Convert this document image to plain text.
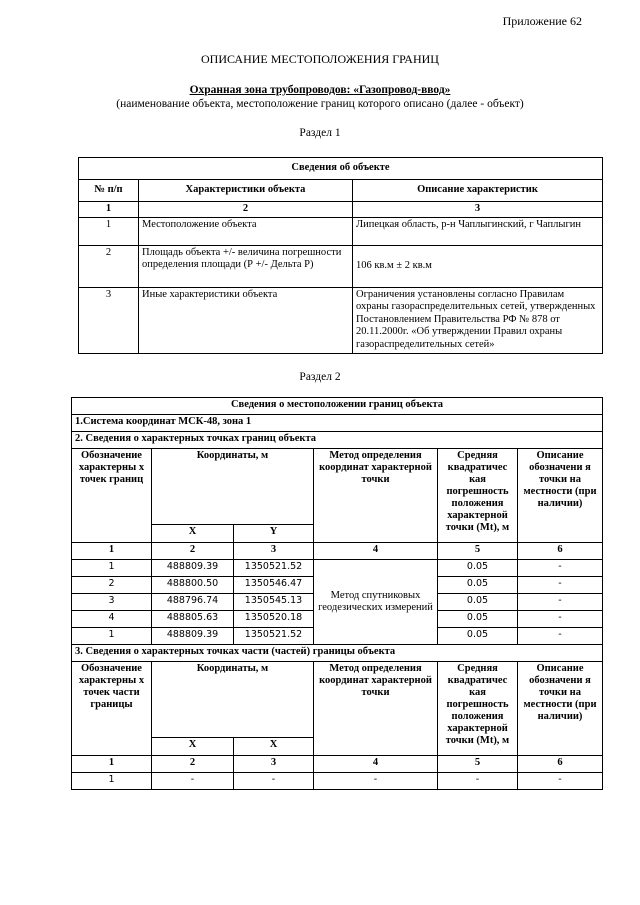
Приложение 62
ОПИСАНИЕ МЕСТОПОЛОЖЕНИЯ ГРАНИЦ
Охранная зона трубопроводов: «Газопровод-ввод»
(наименование объекта, местоположение границ которого описано (далее - объект)
Раздел 1
Сведения об объекте		
№ п/п	Характеристики объекта	Описание характеристик
1	2	3
1	Местоположение объекта	Липецкая область, р-н Чаплыгинский, г Чаплыгин
2	Площадь объекта +/- величина погрешности определения площади (Р +/- Дельта Р)	106 кв.м ± 2 кв.м
3	Иные характеристики объекта	Ограничения установлены согласно Правилам охраны газораспределительных сетей, утвержденных Постановлением Правительства РФ № 878 от 20.11.2000г. «Об утверждении Правил охраны газораспределительных сетей»
Раздел 2
Сведения о местоположении границ объекта					
1.Система координат МСК-48, зона 1					
2. Сведения о характерных точках границ объекта					
Обозначение характерны х точек границ	Координаты, м		Метод определения координат характерной точки	Средняя квадратичес кая погрешность положения характерной точки (Mt), м	Описание обозначени я точки на местности (при наличии)
	X	Y			
1	2	3	4	5	6
1	488809.39	1350521.52	Метод спутниковых геодезических измерений	0.05	-
2	488800.50	1350546.47		0.05	-
3	488796.74	1350545.13		0.05	-
4	488805.63	1350520.18		0.05	-
1	488809.39	1350521.52		0.05	-
3. Сведения о характерных точках части (частей) границы объекта					
Обозначение характерны х точек части границы	Координаты, м		Метод определения координат характерной точки	Средняя квадратичес кая погрешность положения характерной точки (Mt), м	Описание обозначени я точки на местности (при наличии)
	X	X			
1	2	3	4	5	6
1	-	-	-	-	-
